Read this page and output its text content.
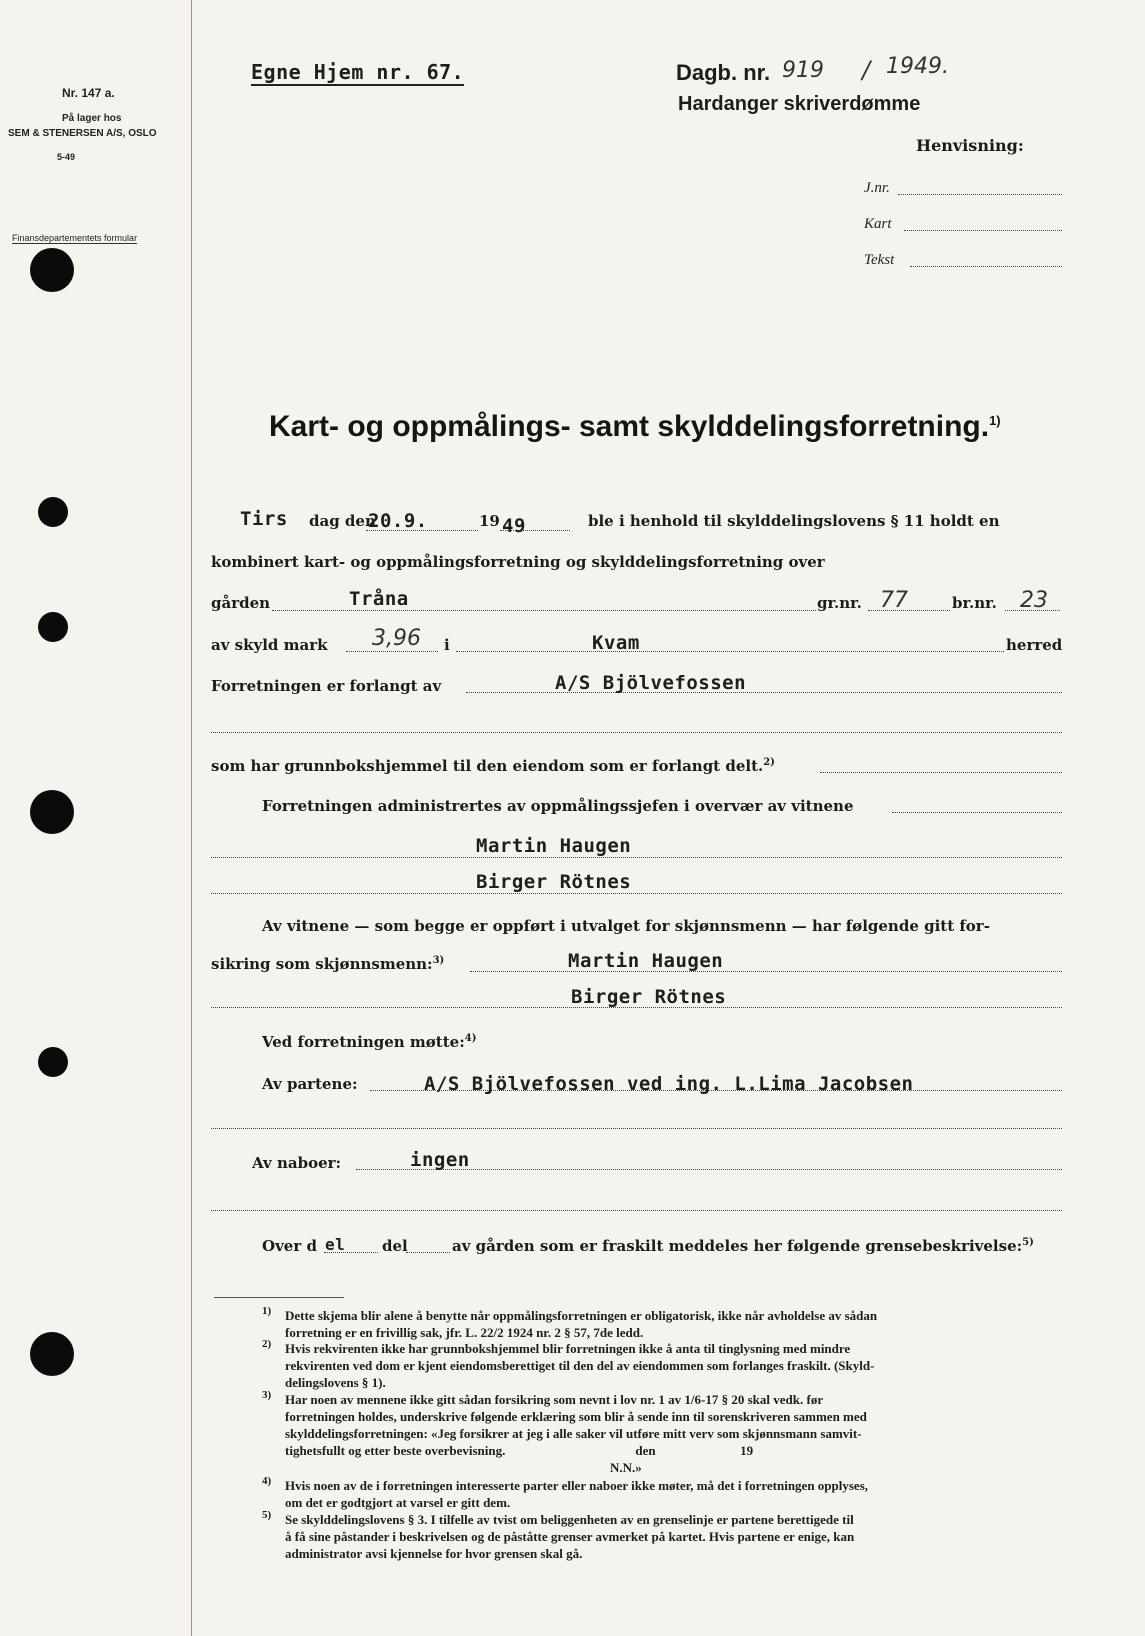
Nr. 147 a.
På lager hos
SEM & STENERSEN A/S, OSLO
5-49
Finansdepartementets formular
Egne Hjem nr. 67.	Dagb. nr. 919 / 1949.
Hardanger skriverdømme
Henvisning:
J.nr.
Kart
Tekst
Kart- og oppmålings- samt skylddelingsforretning.$^{1)}$
Tirs dag den
20.9.	19 49	ble i henhold til skylddelingslovens § 11 holdt en
kombinert kart- og oppmålingsforretning og skylddelingsforretning over
gården	Tråna	gr.nr. 77	br.nr. 23
av skyld mark 3,96 i	Kvam	herred
Forretningen er forlangt av	A/S Bjölvefossen
som har grunnbokshjemmel til den eiendom som er forlangt delt.$^{2)}$
Forretningen administrertes av oppmålingssjefen i overvær av vitnene
Martin Haugen
Birger Rötnes
Av vitnene — som begge er oppført i utvalget for skjønnsmenn — har følgende gitt for-
sikring som skjønnsmenn:$^{3)}$	Martin Haugen
Birger Rötnes
Ved forretningen møtte:$^{4)}$
Av partene:	A/S Bjölvefossen ved ing. L.Lima Jacobsen
Av naboer:	ingen
Over d el del	av gården som er fraskilt meddeles her følgende grensebeskrivelse:$^{5)}$
1) Dette skjema blir alene å benytte når oppmålingsforretningen er obligatorisk, ikke når avholdelse av sådan
forretning er en frivillig sak, jfr. L. 22/2 1924 nr. 2 § 57, 7de ledd.
2) Hvis rekvirenten ikke har grunnbokshjemmel blir forretningen ikke å anta til tinglysning med mindre
rekvirenten ved dom er kjent eiendomsberettiget til den del av eiendommen som forlanges fraskilt. (Skyld-
delingslovens § 1).
3) Har noen av mennene ikke gitt sådan forsikring som nevnt i lov nr. 1 av 1/6-17 § 20 skal vedk. før
forretningen holdes, underskrive følgende erklæring som blir å sende inn til sorenskriveren sammen med
skylddelingsforretningen: «Jeg forsikrer at jeg i alle saker vil utføre mitt verv som skjønnsmann samvit-
tighetsfullt og etter beste overbevisning.                                        den                          19
N.N.»
4) Hvis noen av de i forretningen interesserte parter eller naboer ikke møter, må det i forretningen opplyses,
om det er godtgjort at varsel er gitt dem.
5) Se skylddelingslovens § 3. I tilfelle av tvist om beliggenheten av en grenselinje er partene berettigede til
å få sine påstander i beskrivelsen og de påståtte grenser avmerket på kartet. Hvis partene er enige, kan
administrator avsi kjennelse for hvor grensen skal gå.
